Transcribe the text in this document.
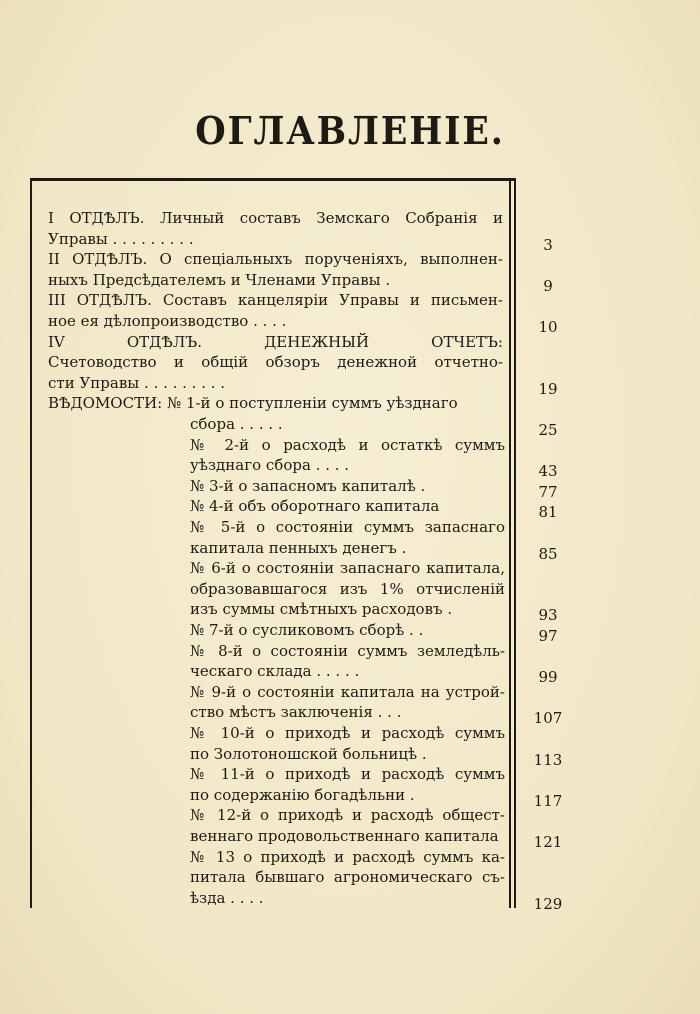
ОГЛАВЛЕНІЕ.
I ОТДѢЛЪ. Личный составъ Земскаго Собранія и
Управы . . . . . . . . .	3
II ОТДѢЛЪ. О спеціальныхъ порученіяхъ, выполнен-
ныхъ Предсѣдателемъ и Членами Управы .	9
III ОТДѢЛЪ. Составъ канцеляріи Управы и письмен-
ное ея дѣлопроизводство . . . .	10
IV ОТДѢЛЪ. ДЕНЕЖНЫЙ ОТЧЕТЪ:
Счетоводство и общій обзоръ денежной отчетно-
сти Управы . . . . . . . . .	19
ВѢДОМОСТИ: № 1-й о поступленіи суммъ уѣзднаго
сбора . . . . .	25
№ 2-й о расходѣ и остаткѣ суммъ
уѣзднаго сбора . . . .	43
№ 3-й о запасномъ капиталѣ .	77
№ 4-й объ оборотнаго капитала	81
№ 5-й о состояніи суммъ запаснаго
капитала пенныхъ денегъ .	85
№ 6-й о состояніи запаснаго капитала,
образовавшагося изъ 1% отчисленій
изъ суммы смѣтныхъ расходовъ .	93
№ 7-й о сусликовомъ сборѣ . .	97
№ 8-й о состояніи суммъ земледѣль-
ческаго склада . . . . .	99
№ 9-й о состояніи капитала на устрой-
ство мѣстъ заключенія . . .	107
№ 10-й о приходѣ и расходѣ суммъ
по Золотоношской больницѣ .	113
№ 11-й о приходѣ и расходѣ суммъ
по содержанію богадѣльни .	117
№ 12-й о приходѣ и расходѣ общест-
веннаго продовольственнаго капитала	121
№ 13 о приходѣ и расходѣ суммъ ка-
питала бывшаго агрономическаго съ-
ѣзда . . . .	129
